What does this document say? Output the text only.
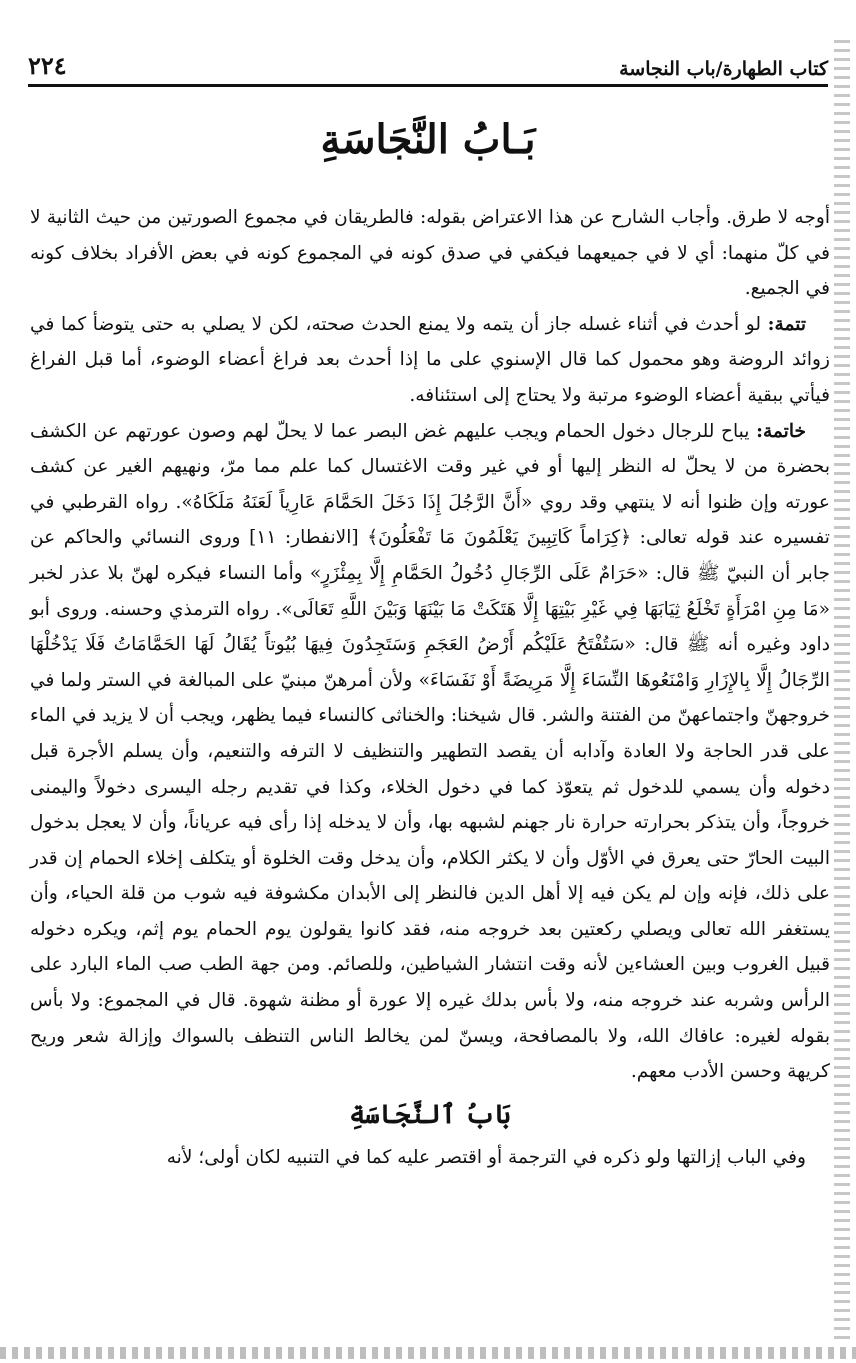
٢٢٤	كتاب الطهارة/باب النجاسة
بَـابُ النَّجَاسَةِ

أوجه لا طرق. وأجاب الشارح عن هذا الاعتراض بقوله: فالطريقان في مجموع الصورتين من حيث الثانية لا في كلّ منهما: أي لا في جميعهما فيكفي في صدق كونه في المجموع كونه في بعض الأفراد بخلاف كونه في الجميع.

تتمة: لو أحدث في أثناء غسله جاز أن يتمه ولا يمنع الحدث صحته، لكن لا يصلي به حتى يتوضأ كما في زوائد الروضة وهو محمول كما قال الإسنوي على ما إذا أحدث بعد فراغ أعضاء الوضوء، أما قبل الفراغ فيأتي ببقية أعضاء الوضوء مرتبة ولا يحتاج إلى استئنافه.

خاتمة: يباح للرجال دخول الحمام ويجب عليهم غض البصر عما لا يحلّ لهم وصون عورتهم عن الكشف بحضرة من لا يحلّ له النظر إليها أو في غير وقت الاغتسال كما علم مما مرّ، ونهيهم الغير عن كشف عورته وإن ظنوا أنه لا ينتهي وقد روي «أَنَّ الرَّجُلَ إِذَا دَخَلَ الحَمَّامَ عَارِياً لَعَنَهُ مَلَكَاهُ». رواه القرطبي في تفسيره عند قوله تعالى: ﴿كِرَاماً كَاتِبِينَ يَعْلَمُونَ مَا تَفْعَلُونَ﴾ [الانفطار: ١١] وروى النسائي والحاكم عن جابر أن النبيّ ﷺ قال: «حَرَامٌ عَلَى الرِّجَالِ دُخُولُ الحَمَّامِ إِلَّا بِمِئْزَرٍ» وأما النساء فيكره لهنّ بلا عذر لخبر «مَا مِنِ امْرَأَةٍ تَخْلَعُ ثِيَابَهَا فِي غَيْرِ بَيْتِهَا إِلَّا هَتَكَتْ مَا بَيْنَهَا وَبَيْنَ اللَّهِ تَعَالَى». رواه الترمذي وحسنه. وروى أبو داود وغيره أنه ﷺ قال: «سَتُفْتَحُ عَلَيْكُم أَرْضُ العَجَمِ وَسَتَجِدُونَ فِيهَا بُيُوتاً يُقَالُ لَهَا الحَمَّامَاتُ فَلَا يَدْخُلْهَا الرِّجَالُ إِلَّا بِالإِزَارِ وَامْنَعُوهَا النِّسَاءَ إِلَّا مَرِيضَةً أَوْ نَفَسَاءَ» ولأن أمرهنّ مبنيّ على المبالغة في الستر ولما في خروجهنّ واجتماعهنّ من الفتنة والشر. قال شيخنا: والخناثى كالنساء فيما يظهر، ويجب أن لا يزيد في الماء على قدر الحاجة ولا العادة وآدابه أن يقصد التطهير والتنظيف لا الترفه والتنعيم، وأن يسلم الأجرة قبل دخوله وأن يسمي للدخول ثم يتعوّذ كما في دخول الخلاء، وكذا في تقديم رجله اليسرى دخولاً واليمنى خروجاً، وأن يتذكر بحرارته حرارة نار جهنم لشبهه بها، وأن لا يدخله إذا رأى فيه عرياناً، وأن لا يعجل بدخول البيت الحارّ حتى يعرق في الأوّل وأن لا يكثر الكلام، وأن يدخل وقت الخلوة أو يتكلف إخلاء الحمام إن قدر على ذلك، فإنه وإن لم يكن فيه إلا أهل الدين فالنظر إلى الأبدان مكشوفة فيه شوب من قلة الحياء، وأن يستغفر الله تعالى ويصلي ركعتين بعد خروجه منه، فقد كانوا يقولون يوم الحمام يوم إثم، ويكره دخوله قبيل الغروب وبين العشاءين لأنه وقت انتشار الشياطين، وللصائم. ومن جهة الطب صب الماء البارد على الرأس وشربه عند خروجه منه، ولا بأس بدلك غيره إلا عورة أو مظنة شهوة. قال في المجموع: ولا بأس بقوله لغيره: عافاك الله، ولا بالمصافحة، ويسنّ لمن يخالط الناس التنظف بالسواك وإزالة شعر وريح كريهة وحسن الأدب معهم.

بَابُ ٱلنَّجَاسَةِ

وفي الباب إزالتها ولو ذكره في الترجمة أو اقتصر عليه كما في التنبيه لكان أولى؛ لأنه
